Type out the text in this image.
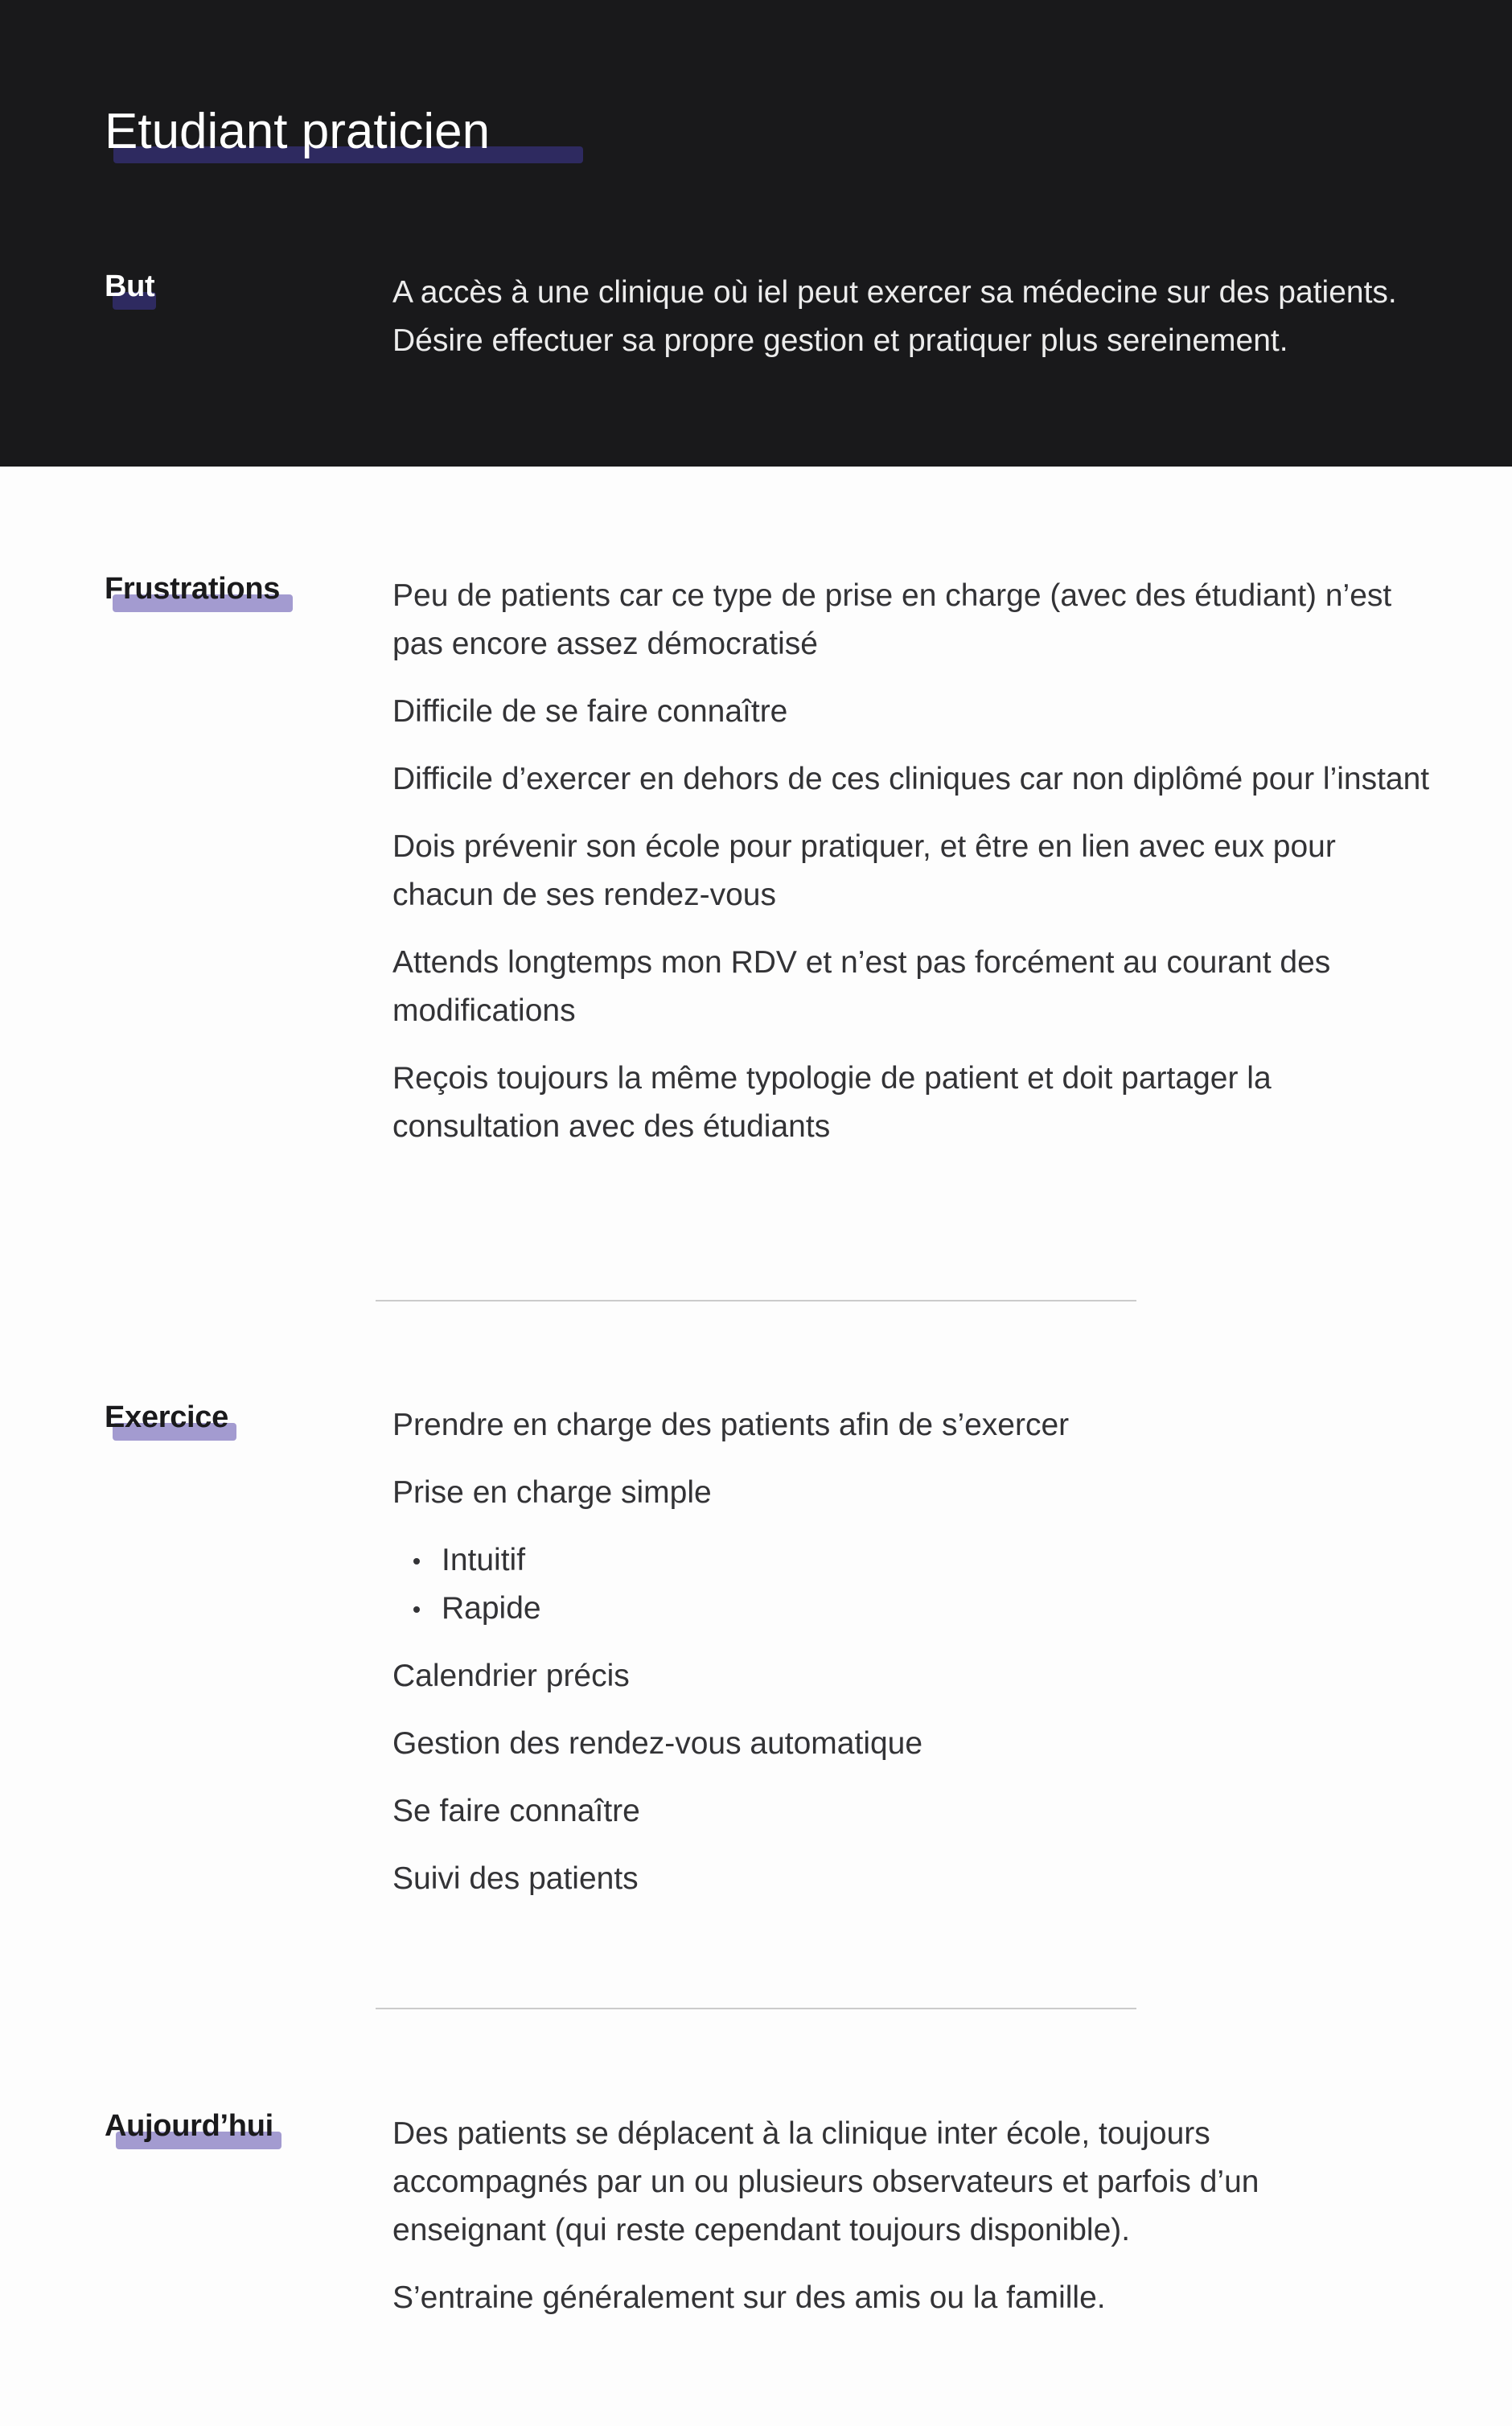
Etudiant praticien
But	A accès à une clinique où iel peut exercer sa médecine sur des patients.
Désire effectuer sa propre gestion et pratiquer plus sereinement.
Frustrations	Peu de patients car ce type de prise en charge (avec des étudiant) n’est pas encore assez démocratisé

Difficile de se faire connaître

Difficile d’exercer en dehors de ces cliniques car non diplômé pour l’instant

Dois prévenir son école pour pratiquer, et être en lien avec eux pour chacun de ses rendez-vous

Attends longtemps mon RDV et n’est pas forcément au courant des modifications

Reçois toujours la même typologie de patient et doit partager la consultation avec des étudiants

Exercice	Prendre en charge des patients afin de s’exercer

Prise en charge simple

Intuitif
Rapide

Calendrier précis

Gestion des rendez-vous automatique

Se faire connaître

Suivi des patients

Aujourd’hui	Des patients se déplacent à la clinique inter école, toujours accompagnés par un ou plusieurs observateurs et parfois d’un enseignant (qui reste cependant toujours disponible).

S’entraine généralement sur des amis ou la famille.
